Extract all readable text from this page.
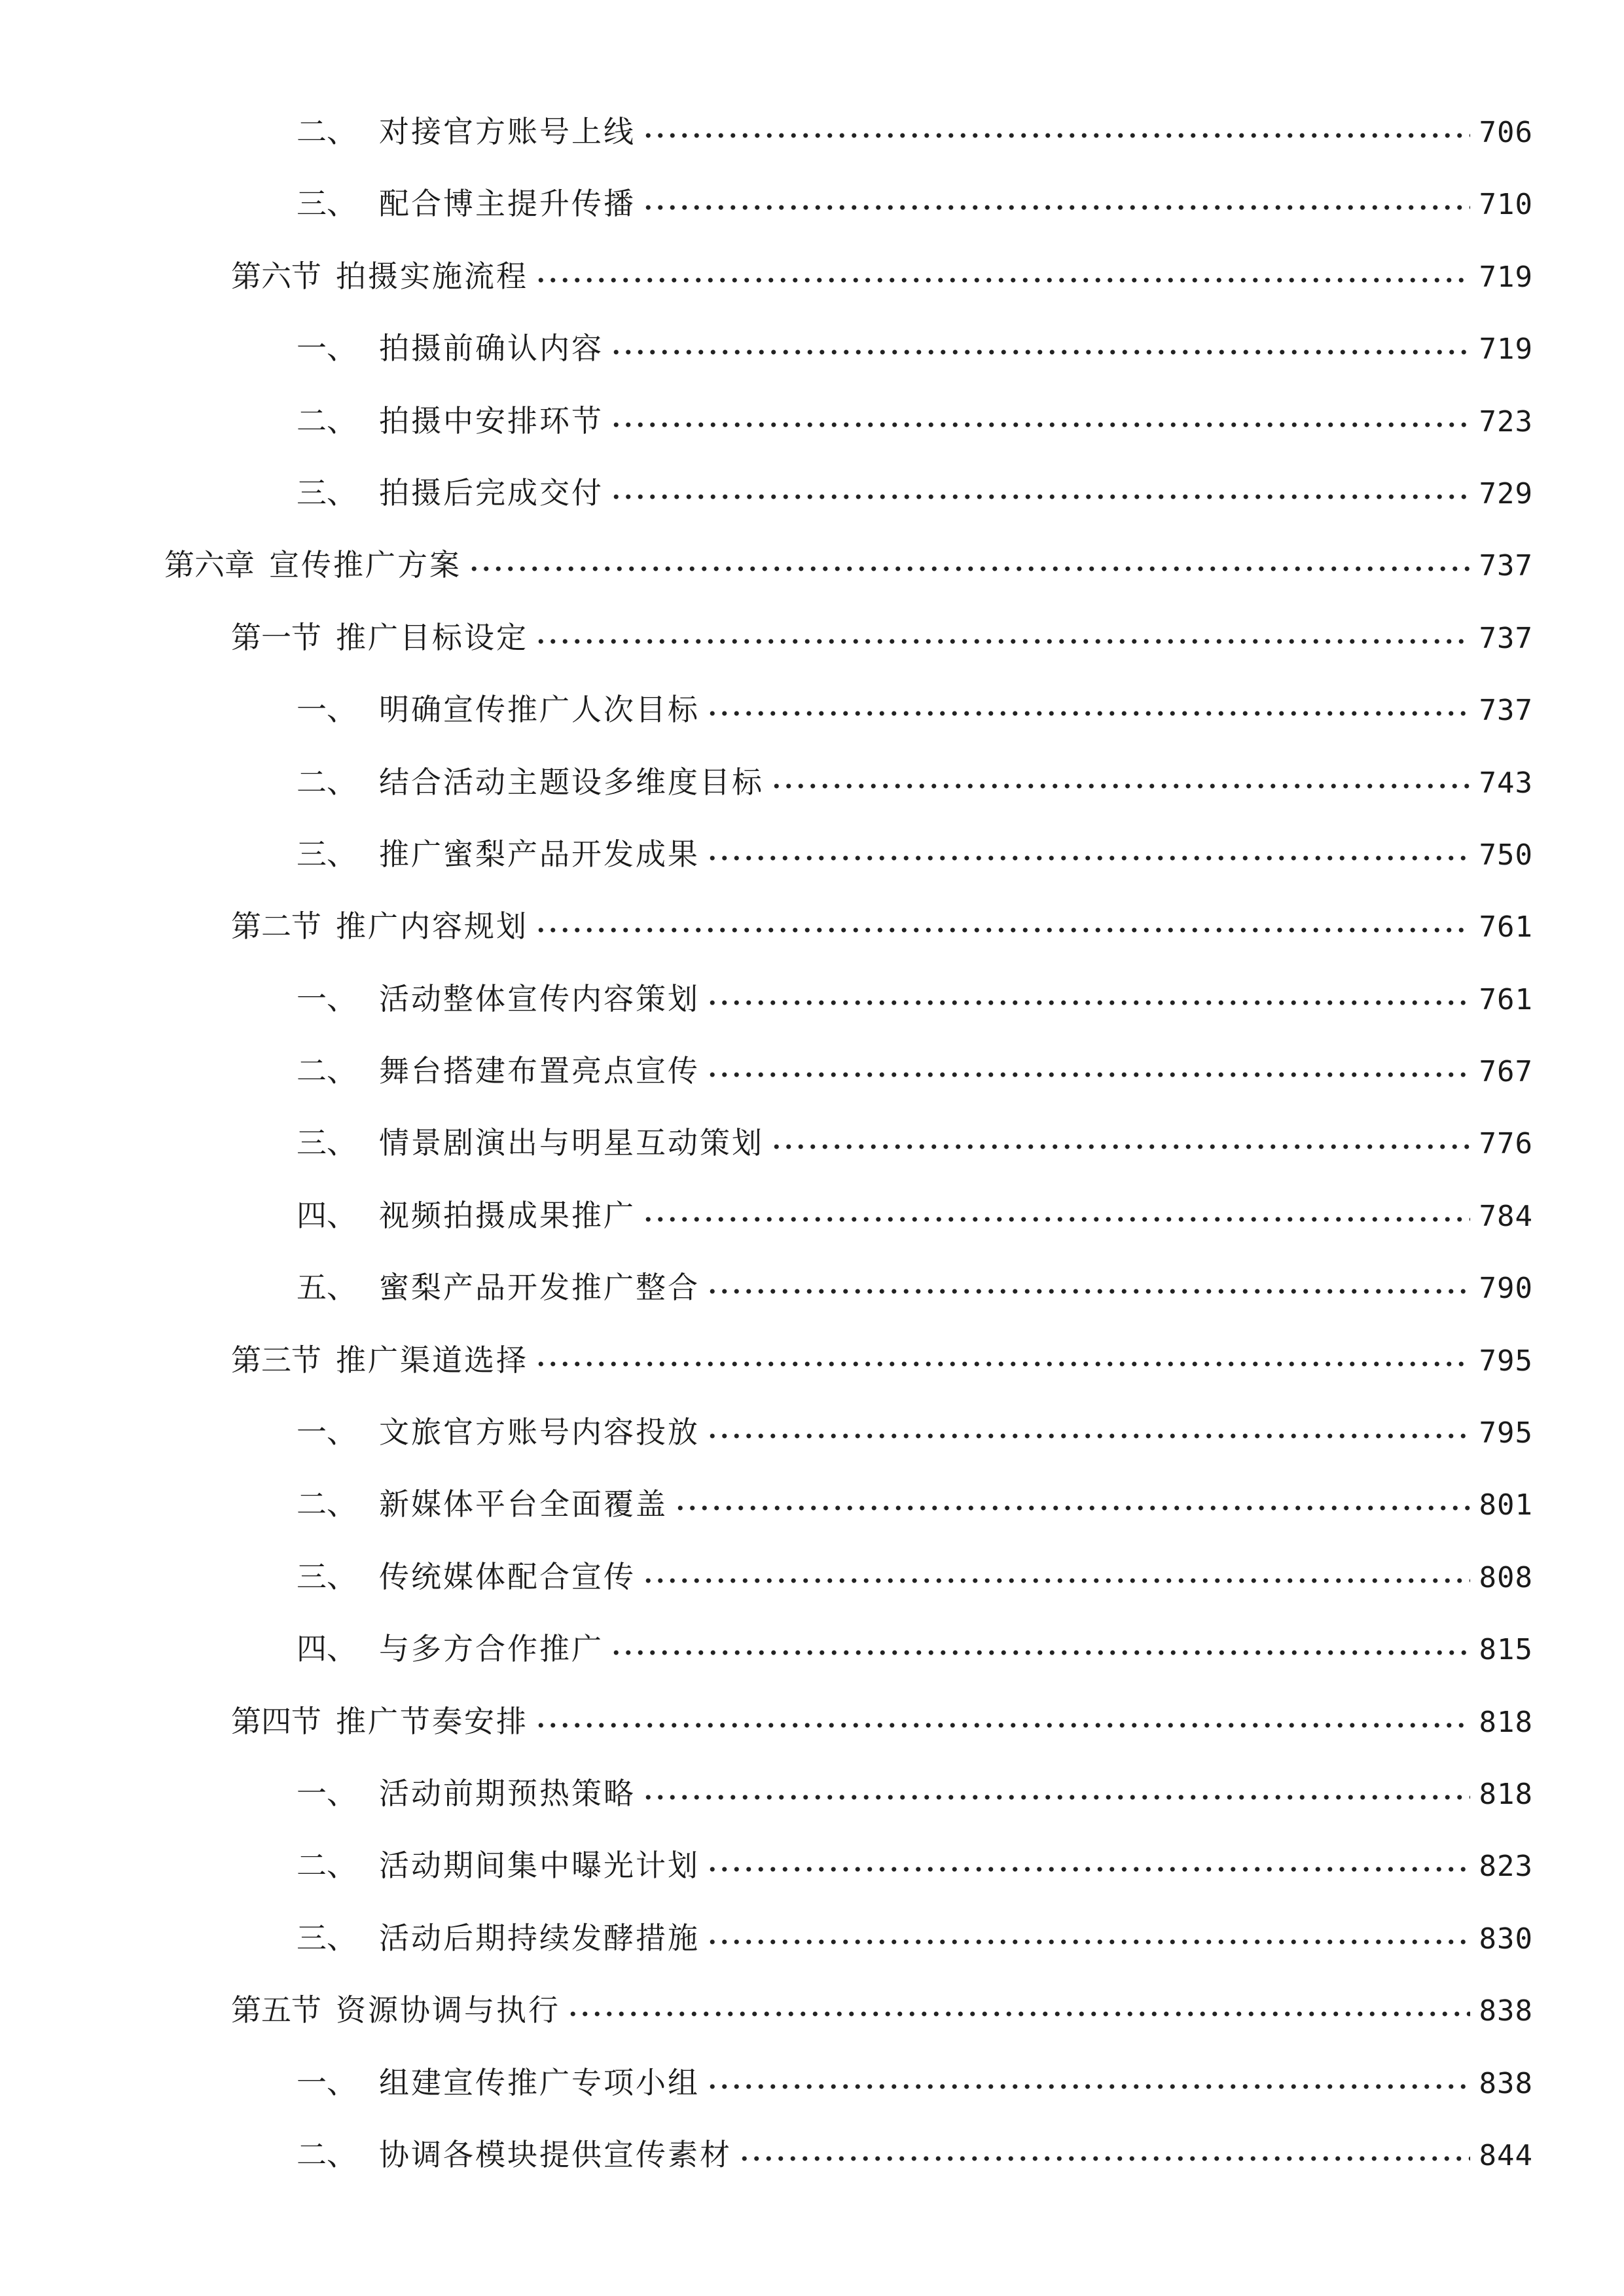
二、 对接官方账号上线	706
三、 配合博主提升传播	710
第六节 拍摄实施流程	719
一、 拍摄前确认内容	719
二、 拍摄中安排环节	723
三、 拍摄后完成交付	729
第六章 宣传推广方案	737
第一节 推广目标设定	737
一、 明确宣传推广人次目标	737
二、 结合活动主题设多维度目标	743
三、 推广蜜梨产品开发成果	750
第二节 推广内容规划	761
一、 活动整体宣传内容策划	761
二、 舞台搭建布置亮点宣传	767
三、 情景剧演出与明星互动策划	776
四、 视频拍摄成果推广	784
五、 蜜梨产品开发推广整合	790
第三节 推广渠道选择	795
一、 文旅官方账号内容投放	795
二、 新媒体平台全面覆盖	801
三、 传统媒体配合宣传	808
四、 与多方合作推广	815
第四节 推广节奏安排	818
一、 活动前期预热策略	818
二、 活动期间集中曝光计划	823
三、 活动后期持续发酵措施	830
第五节 资源协调与执行	838
一、 组建宣传推广专项小组	838
二、 协调各模块提供宣传素材	844
